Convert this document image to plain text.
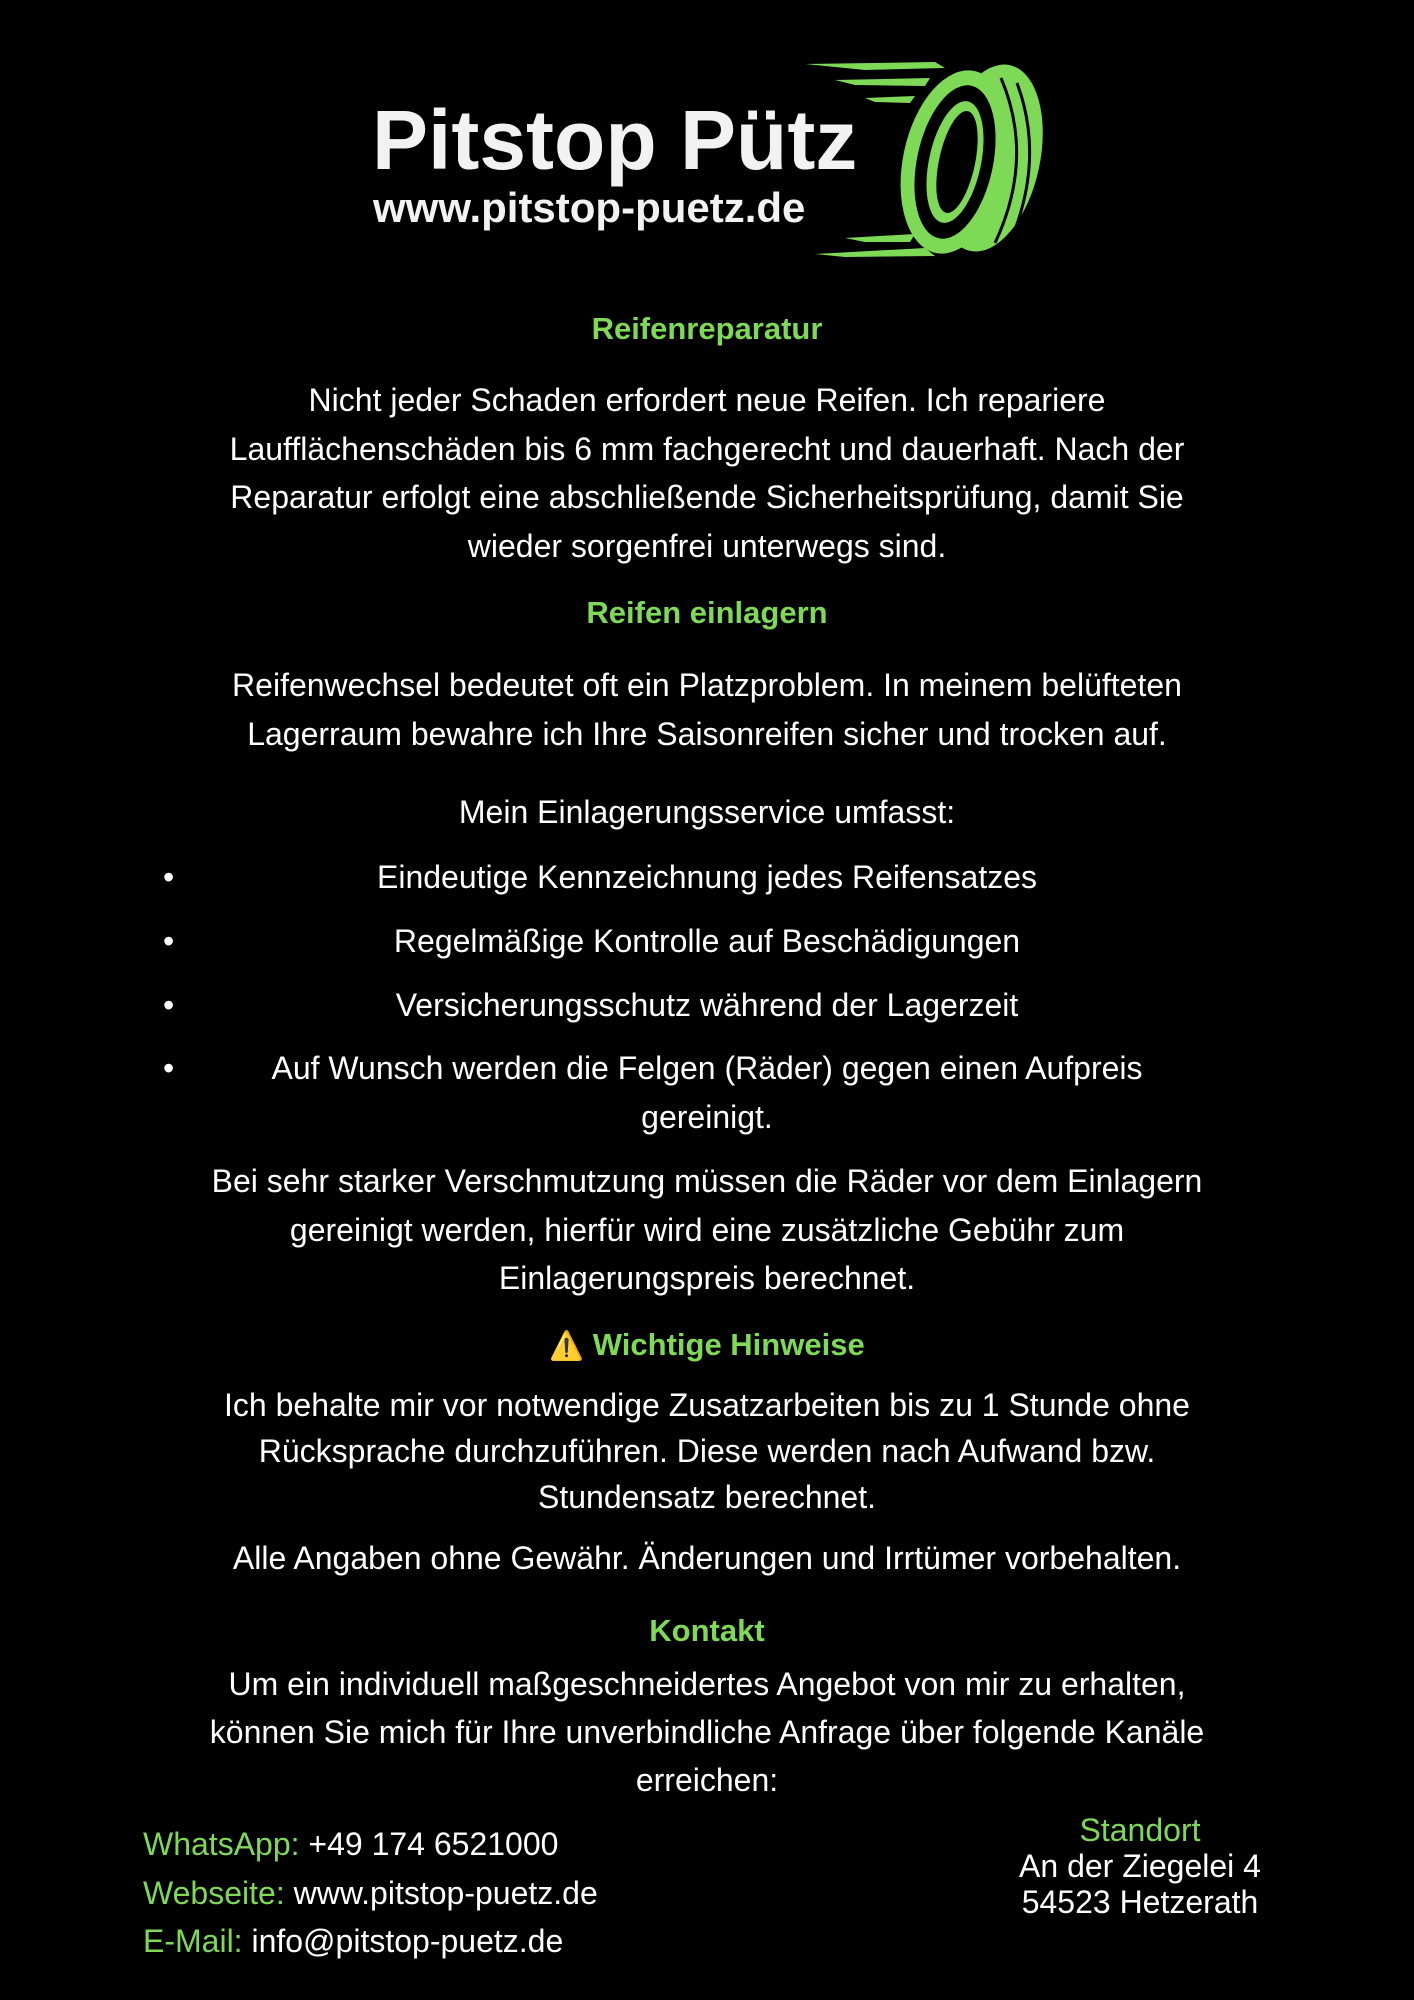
Pitstop Pütz
www.pitstop-puetz.de
Reifenreparatur
Nicht jeder Schaden erfordert neue Reifen. Ich repariere
Laufflächenschäden bis 6 mm fachgerecht und dauerhaft. Nach der
Reparatur erfolgt eine abschließende Sicherheitsprüfung, damit Sie
wieder sorgenfrei unterwegs sind.
Reifen einlagern
Reifenwechsel bedeutet oft ein Platzproblem. In meinem belüfteten
Lagerraum bewahre ich Ihre Saisonreifen sicher und trocken auf.
Mein Einlagerungsservice umfasst:
•	Eindeutige Kennzeichnung jedes Reifensatzes
•	Regelmäßige Kontrolle auf Beschädigungen
•	Versicherungsschutz während der Lagerzeit
•	Auf Wunsch werden die Felgen (Räder) gegen einen Aufpreis
gereinigt.
Bei sehr starker Verschmutzung müssen die Räder vor dem Einlagern
gereinigt werden, hierfür wird eine zusätzliche Gebühr zum
Einlagerungspreis berechnet.
⚠️ Wichtige Hinweise
Ich behalte mir vor notwendige Zusatzarbeiten bis zu 1 Stunde ohne
Rücksprache durchzuführen. Diese werden nach Aufwand bzw.
Stundensatz berechnet.
Alle Angaben ohne Gewähr. Änderungen und Irrtümer vorbehalten.
Kontakt
Um ein individuell maßgeschneidertes Angebot von mir zu erhalten,
können Sie mich für Ihre unverbindliche Anfrage über folgende Kanäle
erreichen:
WhatsApp: +49 174 6521000
Webseite: www.pitstop-puetz.de
E-Mail: info@pitstop-puetz.de
Standort
An der Ziegelei 4
54523 Hetzerath
